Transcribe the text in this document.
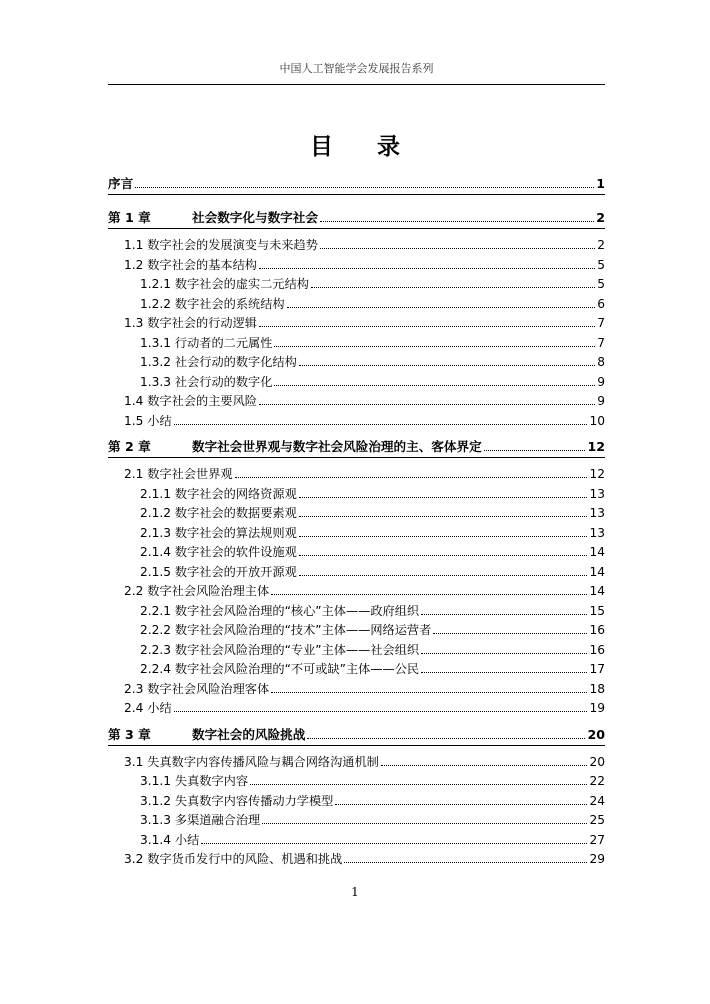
中国人工智能学会发展报告系列
目 录
序言	1
第 1 章	社会数字化与数字社会	2
1.1 数字社会的发展演变与未来趋势	2
1.2 数字社会的基本结构	5
1.2.1 数字社会的虚实二元结构	5
1.2.2 数字社会的系统结构	6
1.3 数字社会的行动逻辑	7
1.3.1 行动者的二元属性	7
1.3.2 社会行动的数字化结构	8
1.3.3 社会行动的数字化	9
1.4 数字社会的主要风险	9
1.5 小结	10
第 2 章	数字社会世界观与数字社会风险治理的主、客体界定	12
2.1 数字社会世界观	12
2.1.1 数字社会的网络资源观	13
2.1.2 数字社会的数据要素观	13
2.1.3 数字社会的算法规则观	13
2.1.4 数字社会的软件设施观	14
2.1.5 数字社会的开放开源观	14
2.2 数字社会风险治理主体	14
2.2.1 数字社会风险治理的“核心”主体——政府组织	15
2.2.2 数字社会风险治理的“技术”主体——网络运营者	16
2.2.3 数字社会风险治理的“专业”主体——社会组织	16
2.2.4 数字社会风险治理的“不可或缺”主体——公民	17
2.3 数字社会风险治理客体	18
2.4 小结	19
第 3 章	数字社会的风险挑战	20
3.1 失真数字内容传播风险与耦合网络沟通机制	20
3.1.1 失真数字内容	22
3.1.2 失真数字内容传播动力学模型	24
3.1.3 多渠道融合治理	25
3.1.4 小结	27
3.2 数字货币发行中的风险、机遇和挑战	29
1
